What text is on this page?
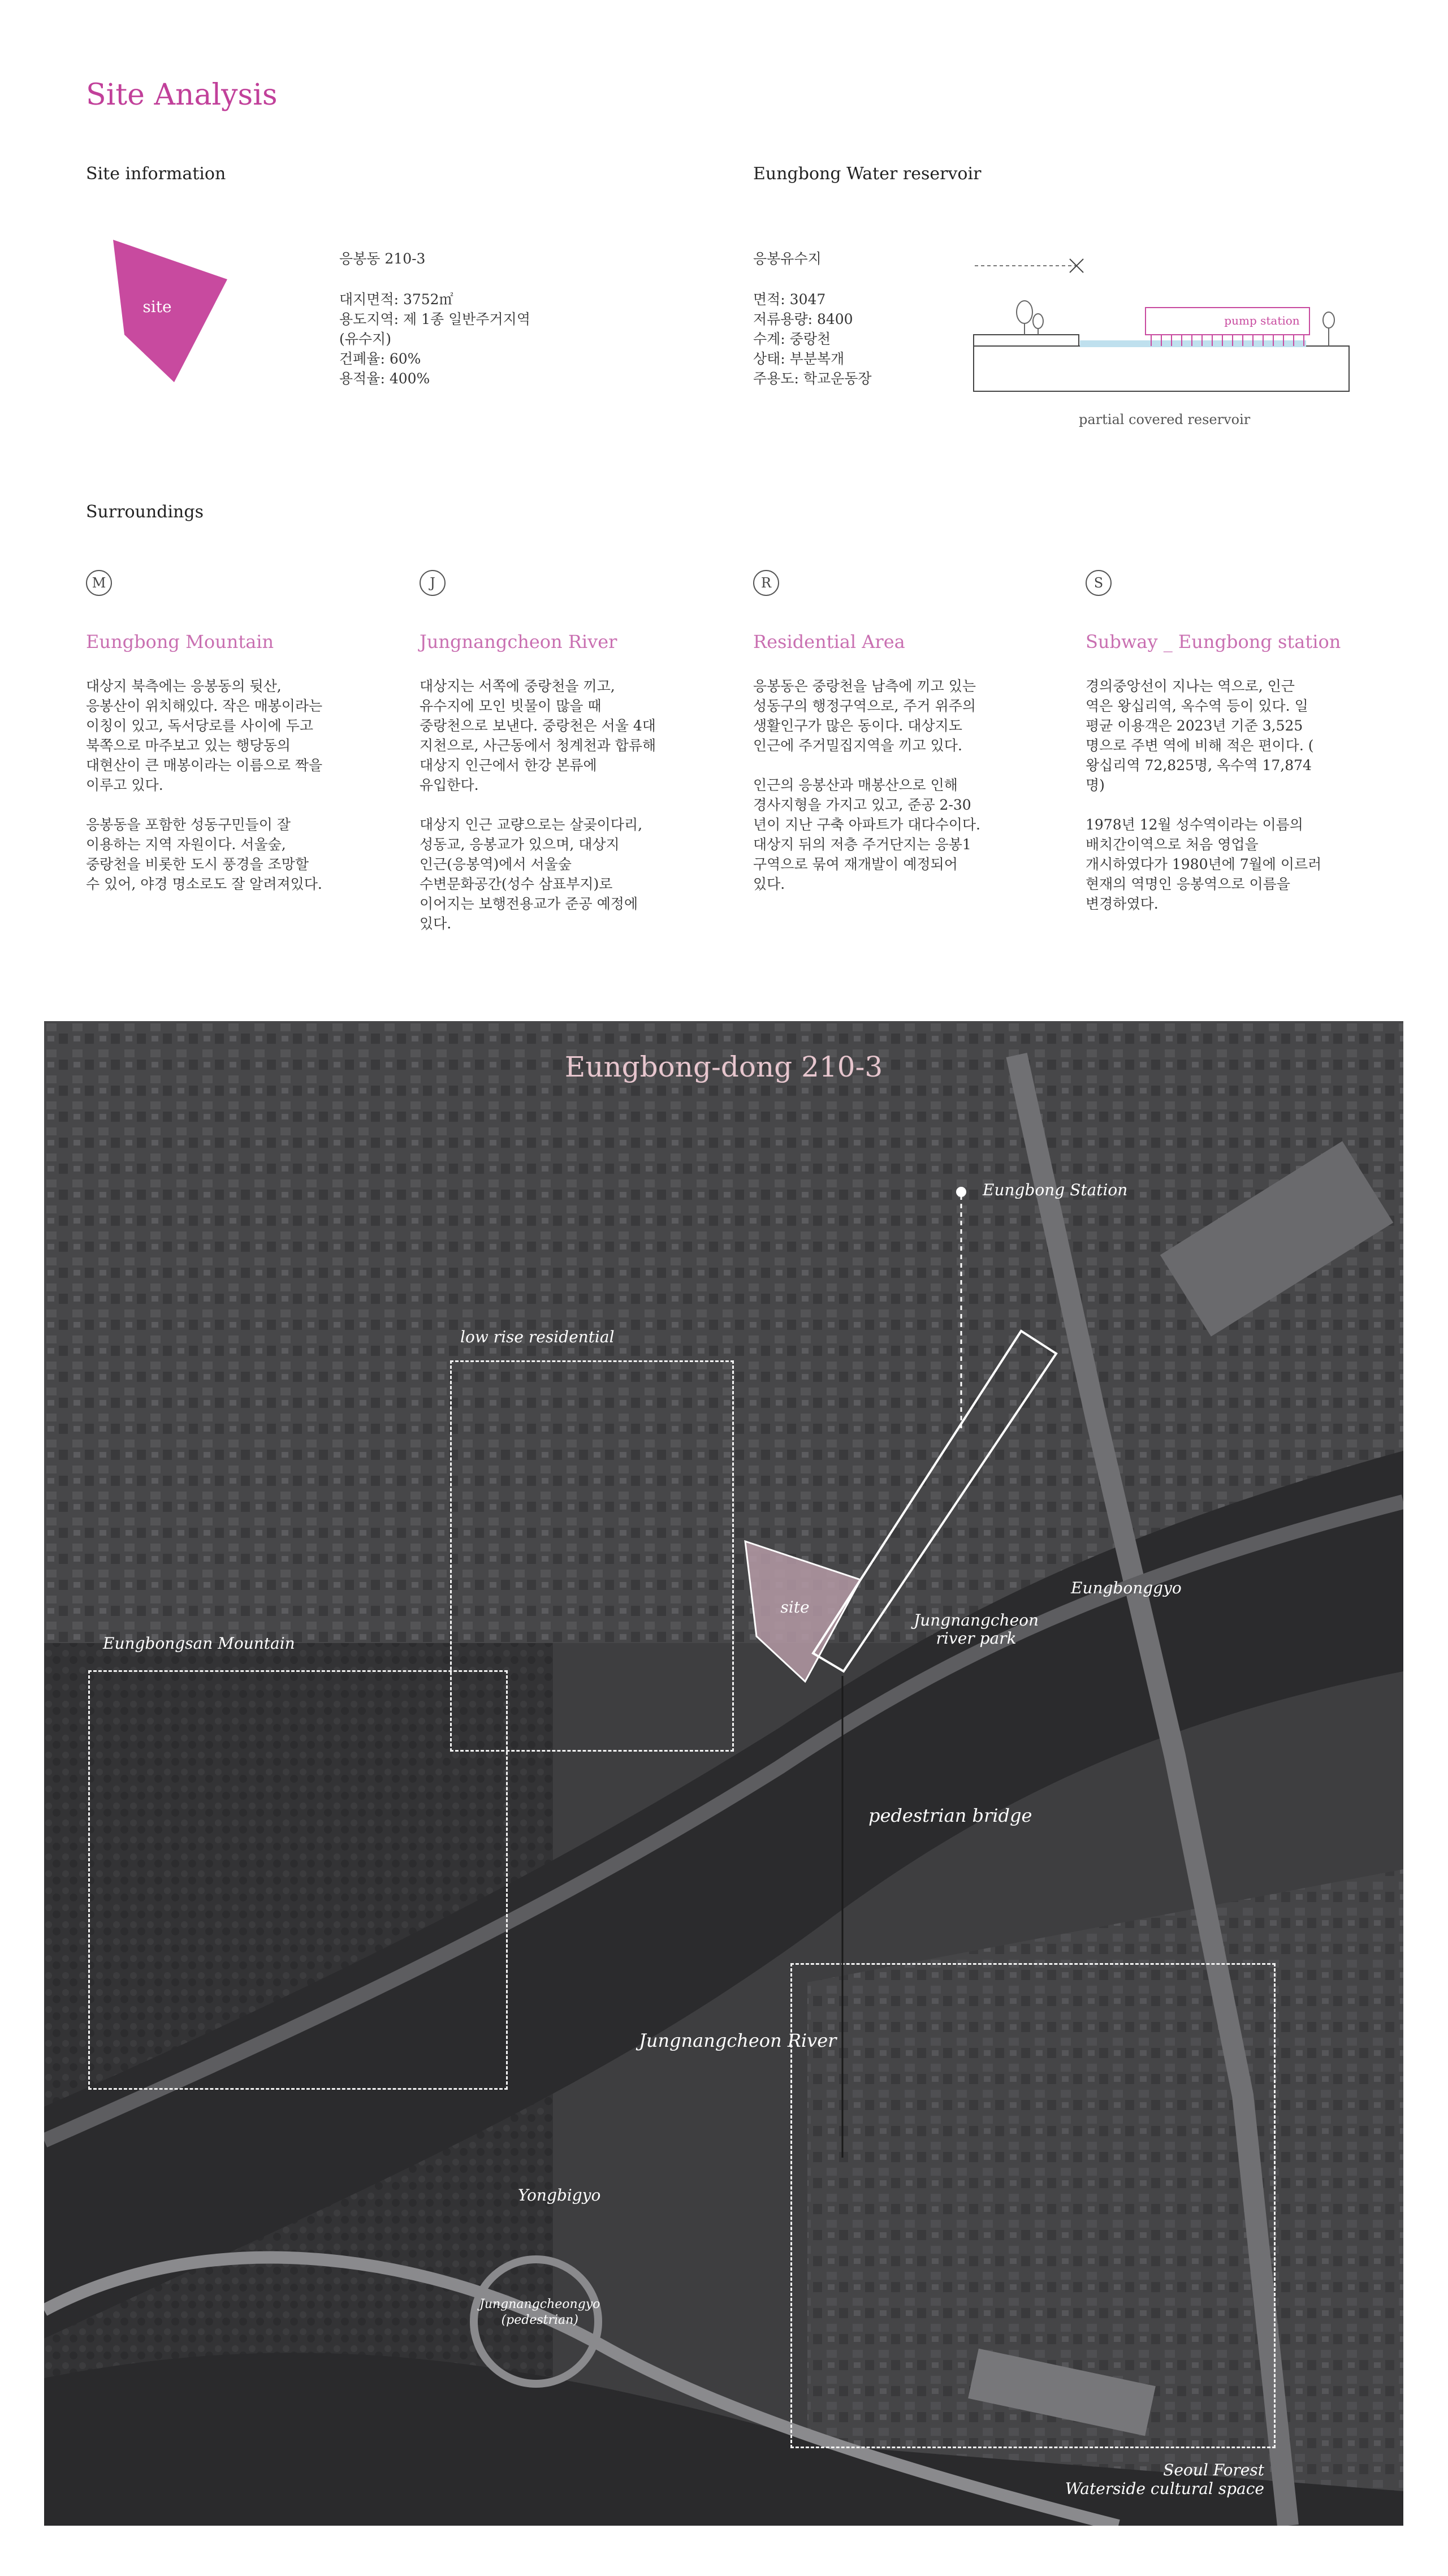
Site Analysis
Site information
site
응봉동 210-3
대지면적: 3752㎡
용도지역: 제 1종 일반주거지역
(유수지)
건폐율: 60%
용적율: 400%
Eungbong Water reservoir
응봉유수지
면적: 3047
저류용량: 8400
수계: 중랑천
상태: 부분복개
주용도: 학교운동장
pump station
partial covered reservoir
Surroundings
M
Eungbong Mountain
대상지 북측에는 응봉동의 뒷산,
응봉산이 위치해있다. 작은 매봉이라는
이칭이 있고, 독서당로를 사이에 두고
북쪽으로 마주보고 있는 행당동의
대현산이 큰 매봉이라는 이름으로 짝을
이루고 있다.

응봉동을 포함한 성동구민들이 잘
이용하는 지역 자원이다. 서울숲,
중랑천을 비롯한 도시 풍경을 조망할
수 있어, 야경 명소로도 잘 알려져있다.
J
Jungnangcheon River
대상지는 서쪽에 중랑천을 끼고,
유수지에 모인 빗물이 많을 때
중랑천으로 보낸다. 중랑천은 서울 4대
지천으로, 사근동에서 청계천과 합류해
대상지 인근에서 한강 본류에
유입한다.

대상지 인근 교량으로는 살곶이다리,
성동교, 응봉교가 있으며, 대상지
인근(응봉역)에서 서울숲
수변문화공간(성수 삼표부지)로
이어지는 보행전용교가 준공 예정에
있다.
R
Residential Area
응봉동은 중랑천을 남측에 끼고 있는
성동구의 행정구역으로, 주거 위주의
생활인구가 많은 동이다. 대상지도
인근에 주거밀집지역을 끼고 있다.

인근의 응봉산과 매봉산으로 인해
경사지형을 가지고 있고, 준공 2-30
년이 지난 구축 아파트가 대다수이다.
대상지 뒤의 저층 주거단지는 응봉1
구역으로 묶여 재개발이 예정되어
있다.
S
Subway _ Eungbong station
경의중앙선이 지나는 역으로, 인근
역은 왕십리역, 옥수역 등이 있다. 일
평균 이용객은 2023년 기준 3,525
명으로 주변 역에 비해 적은 편이다. (
왕십리역 72,825명, 옥수역 17,874
명)

1978년 12월 성수역이라는 이름의
배치간이역으로 처음 영업을
개시하였다가 1980년에 7월에 이르러
현재의 역명인 응봉역으로 이름을
변경하였다.
Eungbong-dong 210-3
low rise residential
Eungbongsan Mountain
Seoul Forest
Waterside cultural space
site
Eungbong Station
Jungnangcheon
river park
Eungbonggyo
pedestrian bridge
Jungnangcheon River
Yongbigyo
Jungnangcheongyo
(pedestrian)
